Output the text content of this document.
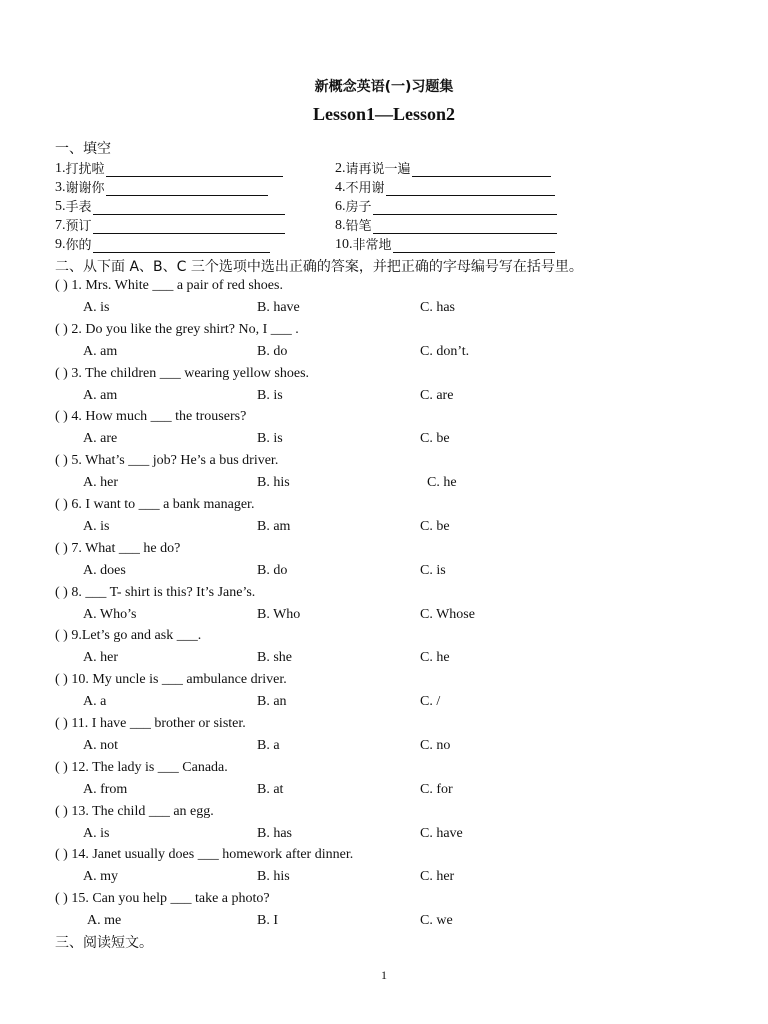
新概念英语(一)习题集
Lesson1—Lesson2
一、填空
1. 打扰啦	2. 请再说一遍
3. 谢谢你	4. 不用谢
5. 手表	6. 房子
7. 预订	8. 铅笔
9. 你的	10. 非常地
二、从下面 A、B、C 三个选项中选出正确的答案，并把正确的字母编号写在括号里。
( ) 1. Mrs. White ___ a pair of red shoes.
A. is	B. have	C. has
( ) 2. Do you like the grey shirt? No, I ___ .
A. am	B. do	C. don’t.
( ) 3. The children ___ wearing yellow shoes.
A. am	B. is	C. are
( ) 4. How much ___ the trousers?
A. are	B. is	C. be
( ) 5. What’s ___ job? He’s a bus driver.
A. her	B. his	C. he
( ) 6. I want to ___ a bank manager.
A. is	B. am	C. be
( ) 7. What ___ he do?
A. does	B. do	C. is
( ) 8. ___ T- shirt is this? It’s Jane’s.
A. Who’s	B. Who	C. Whose
( ) 9.Let’s go and ask ___.
A. her	B. she	C. he
( ) 10. My uncle is ___ ambulance driver.
A. a	B. an	C. /
( ) 11. I have ___ brother or sister.
A. not	B. a	C. no
( ) 12. The lady is ___ Canada.
A. from	B. at	C. for
( ) 13. The child ___ an egg.
A. is	B. has	C. have
( ) 14. Janet usually does ___ homework after dinner.
A. my	B. his	C. her
( ) 15. Can you help ___ take a photo?
A. me	B. I	C. we
三、阅读短文。
1
